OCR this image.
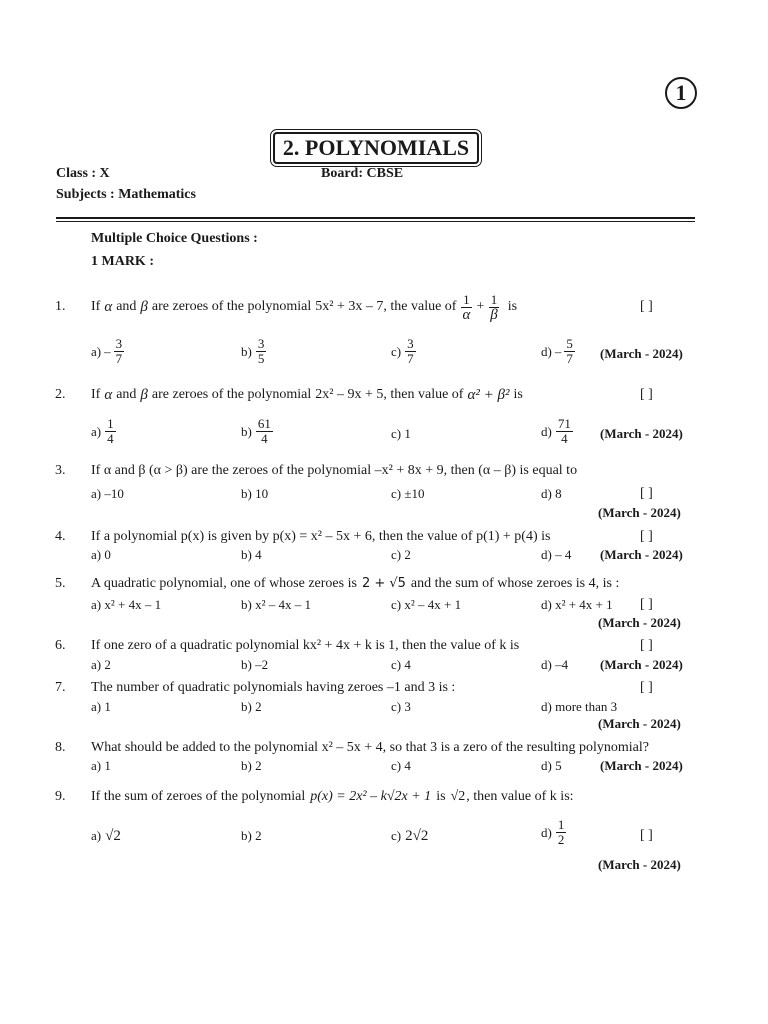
1
2. POLYNOMIALS
Class : X	Board: CBSE
Subjects : Mathematics
Multiple Choice Questions :
1 MARK :
1. If α and β are zeroes of the polynomial 5x² + 3x – 7 , the value of $\frac{1}{\alpha} + \frac{1}{\beta}$ is	[ ]
$a) - \frac{3}{7}$	$b) \frac{3}{5}$	$c) \frac{3}{7}$	$d) - \frac{5}{7}$ (March - 2024)
2. If α and β are zeroes of the polynomial 2x² – 9x + 5 , then value of α² + β² is	[ ]
$a) \frac{1}{4}$	$b) \frac{61}{4}$	c) 1	$d) \frac{71}{4}$ (March - 2024)
3. If α and β (α > β) are the zeroes of the polynomial –x² + 8x + 9, then (α – β) is equal to
a) –10	b) 10	c) ±10	d) 8	[ ]
(March - 2024)
4. If a polynomial p(x) is given by p(x) = x² – 5x + 6, then the value of p(1) + p(4) is	[ ]
a) 0	b) 4	c) 2	d) – 4 (March - 2024)
5. A quadratic polynomial, one of whose zeroes is 2 + √5 and the sum of whose zeroes is 4, is :
a) x² + 4x – 1	b) x² – 4x – 1	c) x² – 4x + 1	d) x² + 4x + 1 [ ]
(March - 2024)
6. If one zero of a quadratic polynomial kx² + 4x + k is 1, then the value of k is	[ ]
a) 2	b) –2	c) 4	d) –4 (March - 2024)
7. The number of quadratic polynomials having zeroes –1 and 3 is :	[ ]
a) 1	b) 2	c) 3	d) more than 3
(March - 2024)
8. What should be added to the polynomial x² – 5x + 4, so that 3 is a zero of the resulting polynomial?
a) 1	b) 2	c) 4	d) 5	(March - 2024)
9. If the sum of zeroes of the polynomial p(x) = 2x² – k√2x + 1 is √2 , then value of k is:
a) √2	b) 2	c) 2√2	$d) \frac{1}{2}$	[ ]
(March - 2024)
